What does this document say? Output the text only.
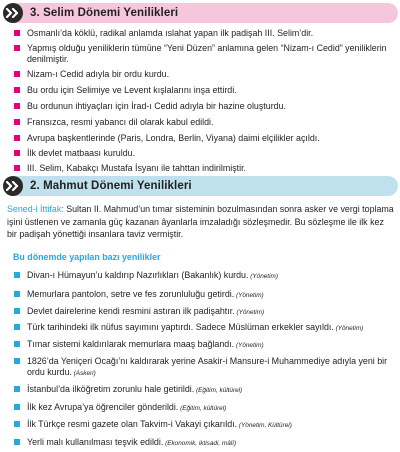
3. Selim Dönemi Yenilikleri
Osmanlı’da köklü, radikal anlamda ıslahat yapan ilk padişah III. Selim’dir.
Yapmış olduğu yeniliklerin tümüne “Yeni Düzen” anlamına gelen “Nizam-ı Cedid” yeniliklerin denilmiştir.
Nizam-ı Cedid adıyla bir ordu kurdu.
Bu ordu için Selimiye ve Levent kışlalarını inşa ettirdi.
Bu ordunun ihtiyaçları için İrad-ı Cedid adıyla bir hazine oluşturdu.
Fransızca, resmi yabancı dil olarak kabul edildi.
Avrupa başkentlerinde (Paris, Londra, Berlin, Viyana) daimi elçilikler açıldı.
İlk devlet matbaası kuruldu.
III. Selim, Kabakçı Mustafa İsyanı ile tahttan indirilmiştir.
2. Mahmut Dönemi Yenilikleri

Sened-i İttifak: Sultan II. Mahmud’un tımar sisteminin bozulmasından sonra asker ve vergi toplama işini üstlenen ve zamanla güç kazanan âyanlarla imzaladığı sözleşmedir. Bu sözleşme ile ilk kez bir padişah yönettiği insanlara taviz vermiştir.

Bu dönemde yapılan bazı yenilikler
Divan-ı Hümayun’u kaldırıp Nazırlıkları (Bakanlık) kurdu. (Yönetim)
Memurlara pantolon, setre ve fes zorunluluğu getirdi. (Yönetim)
Devlet dairelerine kendi resmini astıran ilk padişahtır. (Yönetim)
Türk tarihindeki ilk nüfus sayımını yaptırdı. Sadece Müslüman erkekler sayıldı. (Yönetim)
Tımar sistemi kaldırılarak memurlara maaş bağlandı. (Yönetim)
1826’da Yeniçeri Ocağı’nı kaldırarak yerine Asakir-i Mansure-i Muhammediye adıyla yeni bir ordu kurdu. (Askeri)
İstanbul’da ilköğretim zorunlu hale getirildi. (Eğitim, kültürel)
İlk kez Avrupa’ya öğrenciler gönderildi. (Eğitim, kültürel)
İlk Türkçe resmi gazete olan Takvim-i Vakayi çıkarıldı. (Yönetim, Kültürel)
Yerli malı kullanılması teşvik edildi. (Ekonomik, iktisadi, mâlî)
